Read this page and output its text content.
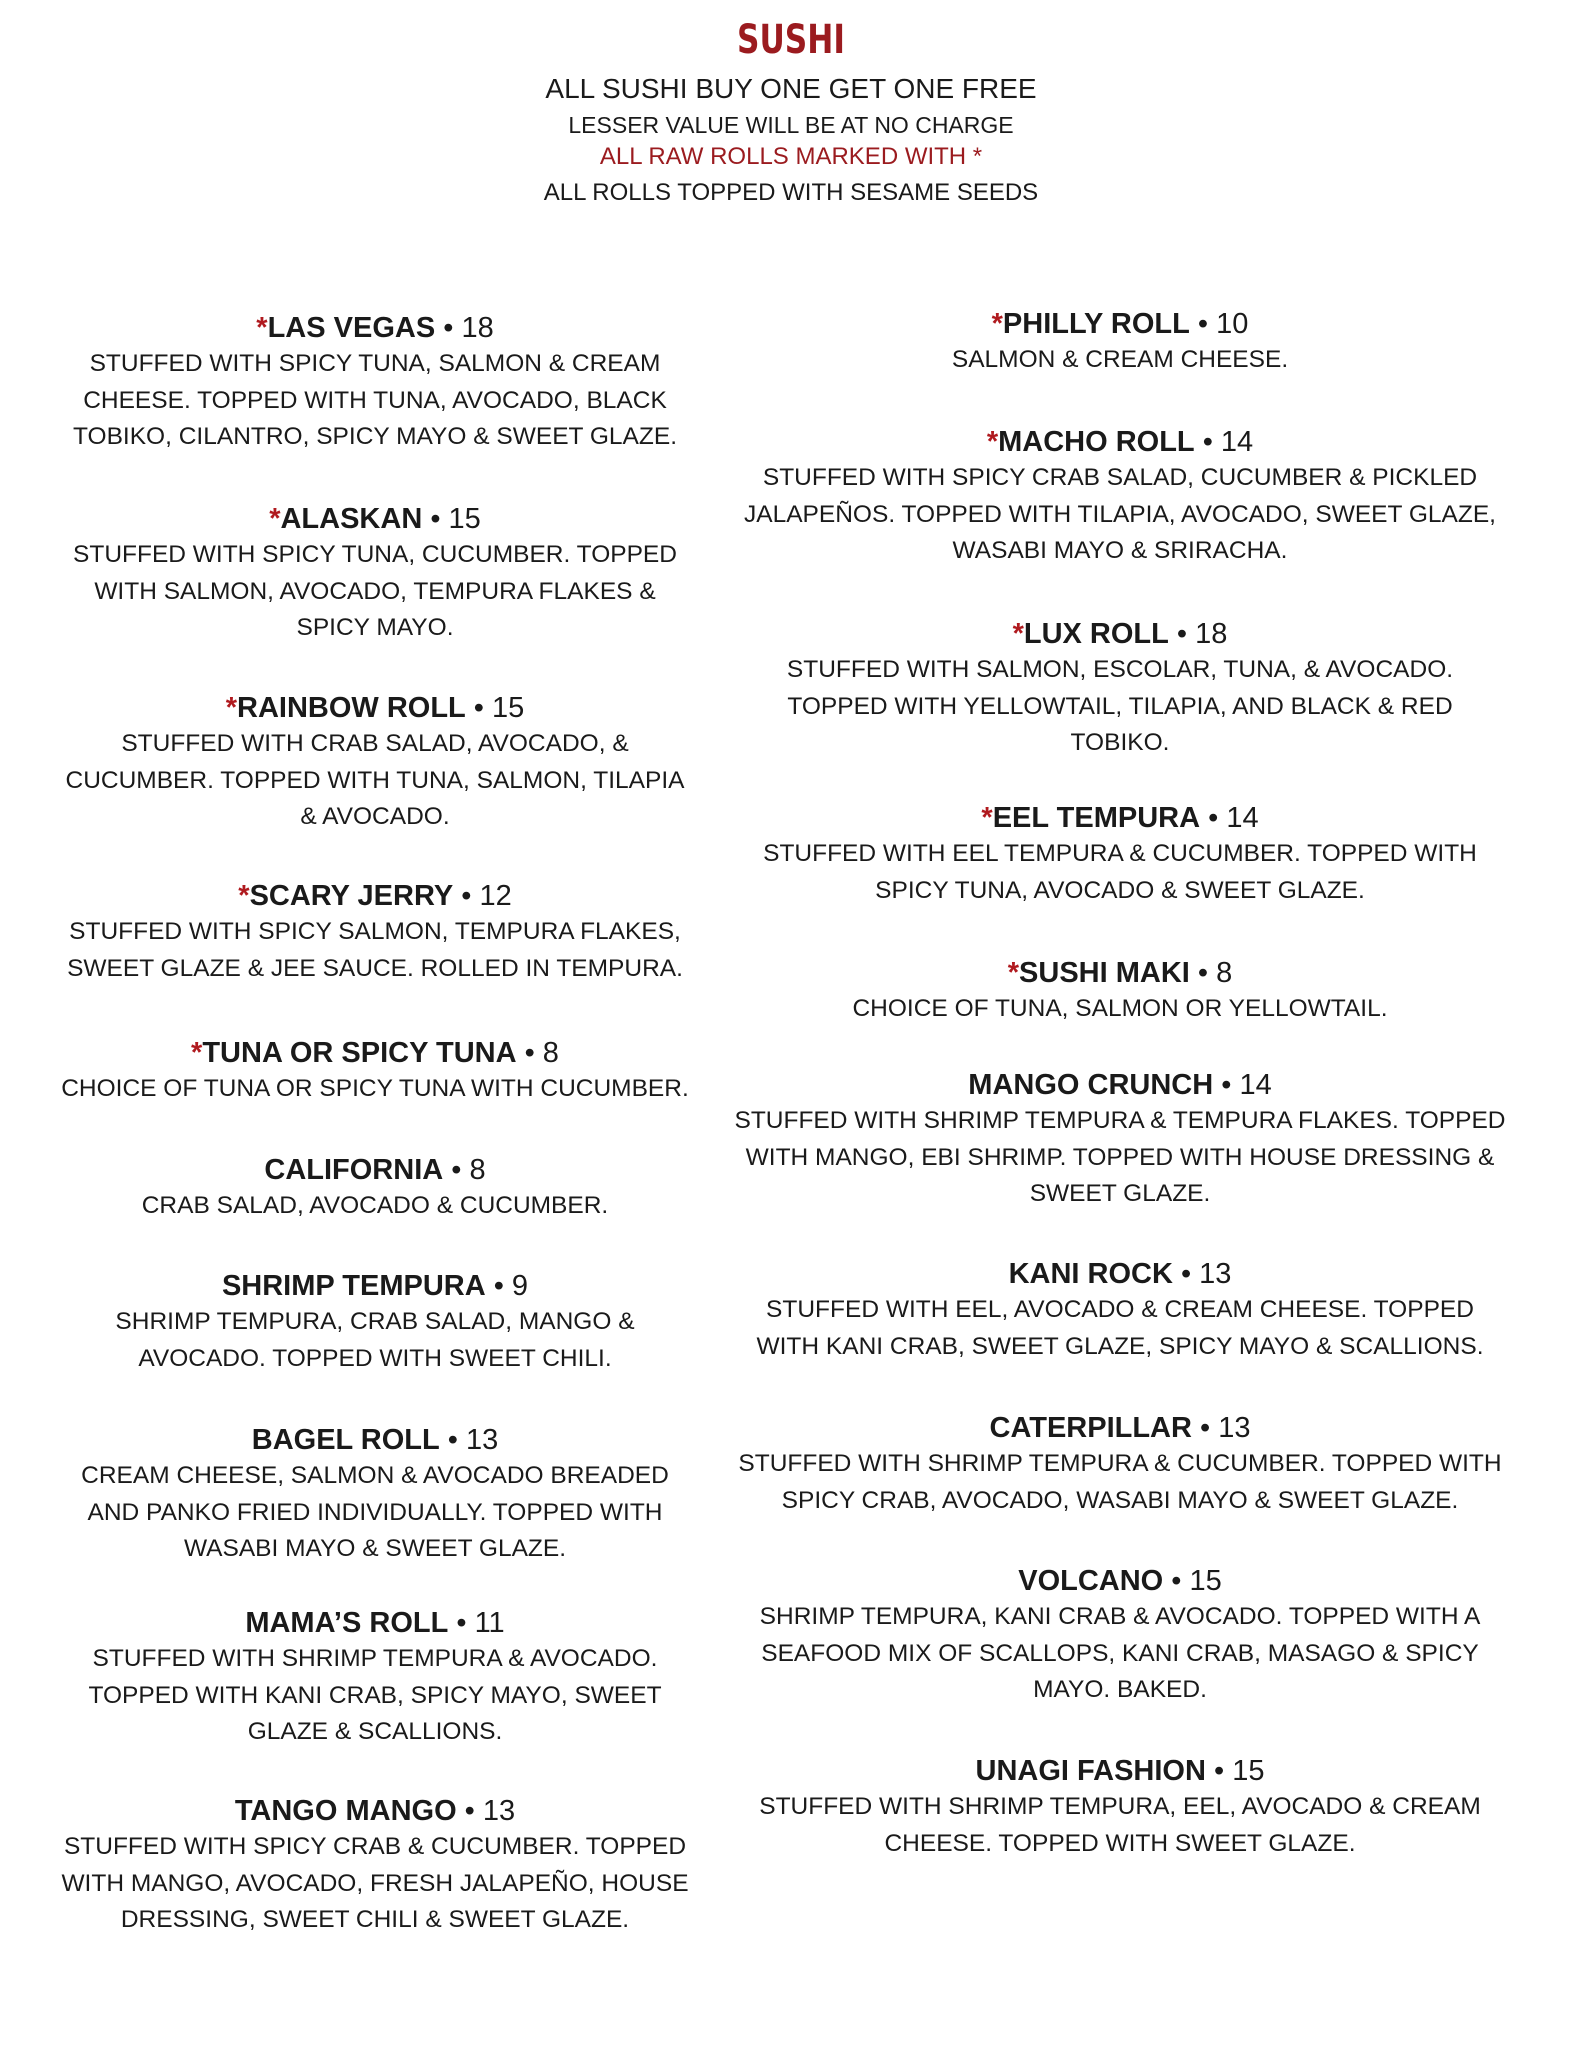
SUSHI
ALL SUSHI BUY ONE GET ONE FREE
LESSER VALUE WILL BE AT NO CHARGE
ALL RAW ROLLS MARKED WITH *
ALL ROLLS TOPPED WITH SESAME SEEDS
*LAS VEGAS • 18
STUFFED WITH SPICY TUNA, SALMON & CREAM
CHEESE. TOPPED WITH TUNA, AVOCADO, BLACK
TOBIKO, CILANTRO, SPICY MAYO & SWEET GLAZE.
*ALASKAN • 15
STUFFED WITH SPICY TUNA, CUCUMBER. TOPPED
WITH SALMON, AVOCADO, TEMPURA FLAKES &
SPICY MAYO.
*RAINBOW ROLL • 15
STUFFED WITH CRAB SALAD, AVOCADO, &
CUCUMBER. TOPPED WITH TUNA, SALMON, TILAPIA
& AVOCADO.
*SCARY JERRY • 12
STUFFED WITH SPICY SALMON, TEMPURA FLAKES,
SWEET GLAZE & JEE SAUCE. ROLLED IN TEMPURA.
*TUNA OR SPICY TUNA • 8
CHOICE OF TUNA OR SPICY TUNA WITH CUCUMBER.
CALIFORNIA • 8
CRAB SALAD, AVOCADO & CUCUMBER.
SHRIMP TEMPURA • 9
SHRIMP TEMPURA, CRAB SALAD, MANGO &
AVOCADO. TOPPED WITH SWEET CHILI.
BAGEL ROLL • 13
CREAM CHEESE, SALMON & AVOCADO BREADED
AND PANKO FRIED INDIVIDUALLY. TOPPED WITH
WASABI MAYO & SWEET GLAZE.
MAMA’S ROLL • 11
STUFFED WITH SHRIMP TEMPURA & AVOCADO.
TOPPED WITH KANI CRAB, SPICY MAYO, SWEET
GLAZE & SCALLIONS.
TANGO MANGO • 13
STUFFED WITH SPICY CRAB & CUCUMBER. TOPPED
WITH MANGO, AVOCADO, FRESH JALAPEÑO, HOUSE
DRESSING, SWEET CHILI & SWEET GLAZE.
*PHILLY ROLL • 10
SALMON & CREAM CHEESE.
*MACHO ROLL • 14
STUFFED WITH SPICY CRAB SALAD, CUCUMBER & PICKLED
JALAPEÑOS. TOPPED WITH TILAPIA, AVOCADO, SWEET GLAZE,
WASABI MAYO & SRIRACHA.
*LUX ROLL • 18
STUFFED WITH SALMON, ESCOLAR, TUNA, & AVOCADO.
TOPPED WITH YELLOWTAIL, TILAPIA, AND BLACK & RED
TOBIKO.
*EEL TEMPURA • 14
STUFFED WITH EEL TEMPURA & CUCUMBER. TOPPED WITH
SPICY TUNA, AVOCADO & SWEET GLAZE.
*SUSHI MAKI • 8
CHOICE OF TUNA, SALMON OR YELLOWTAIL.
MANGO CRUNCH • 14
STUFFED WITH SHRIMP TEMPURA & TEMPURA FLAKES. TOPPED
WITH MANGO, EBI SHRIMP. TOPPED WITH HOUSE DRESSING &
SWEET GLAZE.
KANI ROCK • 13
STUFFED WITH EEL, AVOCADO & CREAM CHEESE. TOPPED
WITH KANI CRAB, SWEET GLAZE, SPICY MAYO & SCALLIONS.
CATERPILLAR • 13
STUFFED WITH SHRIMP TEMPURA & CUCUMBER. TOPPED WITH
SPICY CRAB, AVOCADO, WASABI MAYO & SWEET GLAZE.
VOLCANO • 15
SHRIMP TEMPURA, KANI CRAB & AVOCADO. TOPPED WITH A
SEAFOOD MIX OF SCALLOPS, KANI CRAB, MASAGO & SPICY
MAYO. BAKED.
UNAGI FASHION • 15
STUFFED WITH SHRIMP TEMPURA, EEL, AVOCADO & CREAM
CHEESE. TOPPED WITH SWEET GLAZE.
